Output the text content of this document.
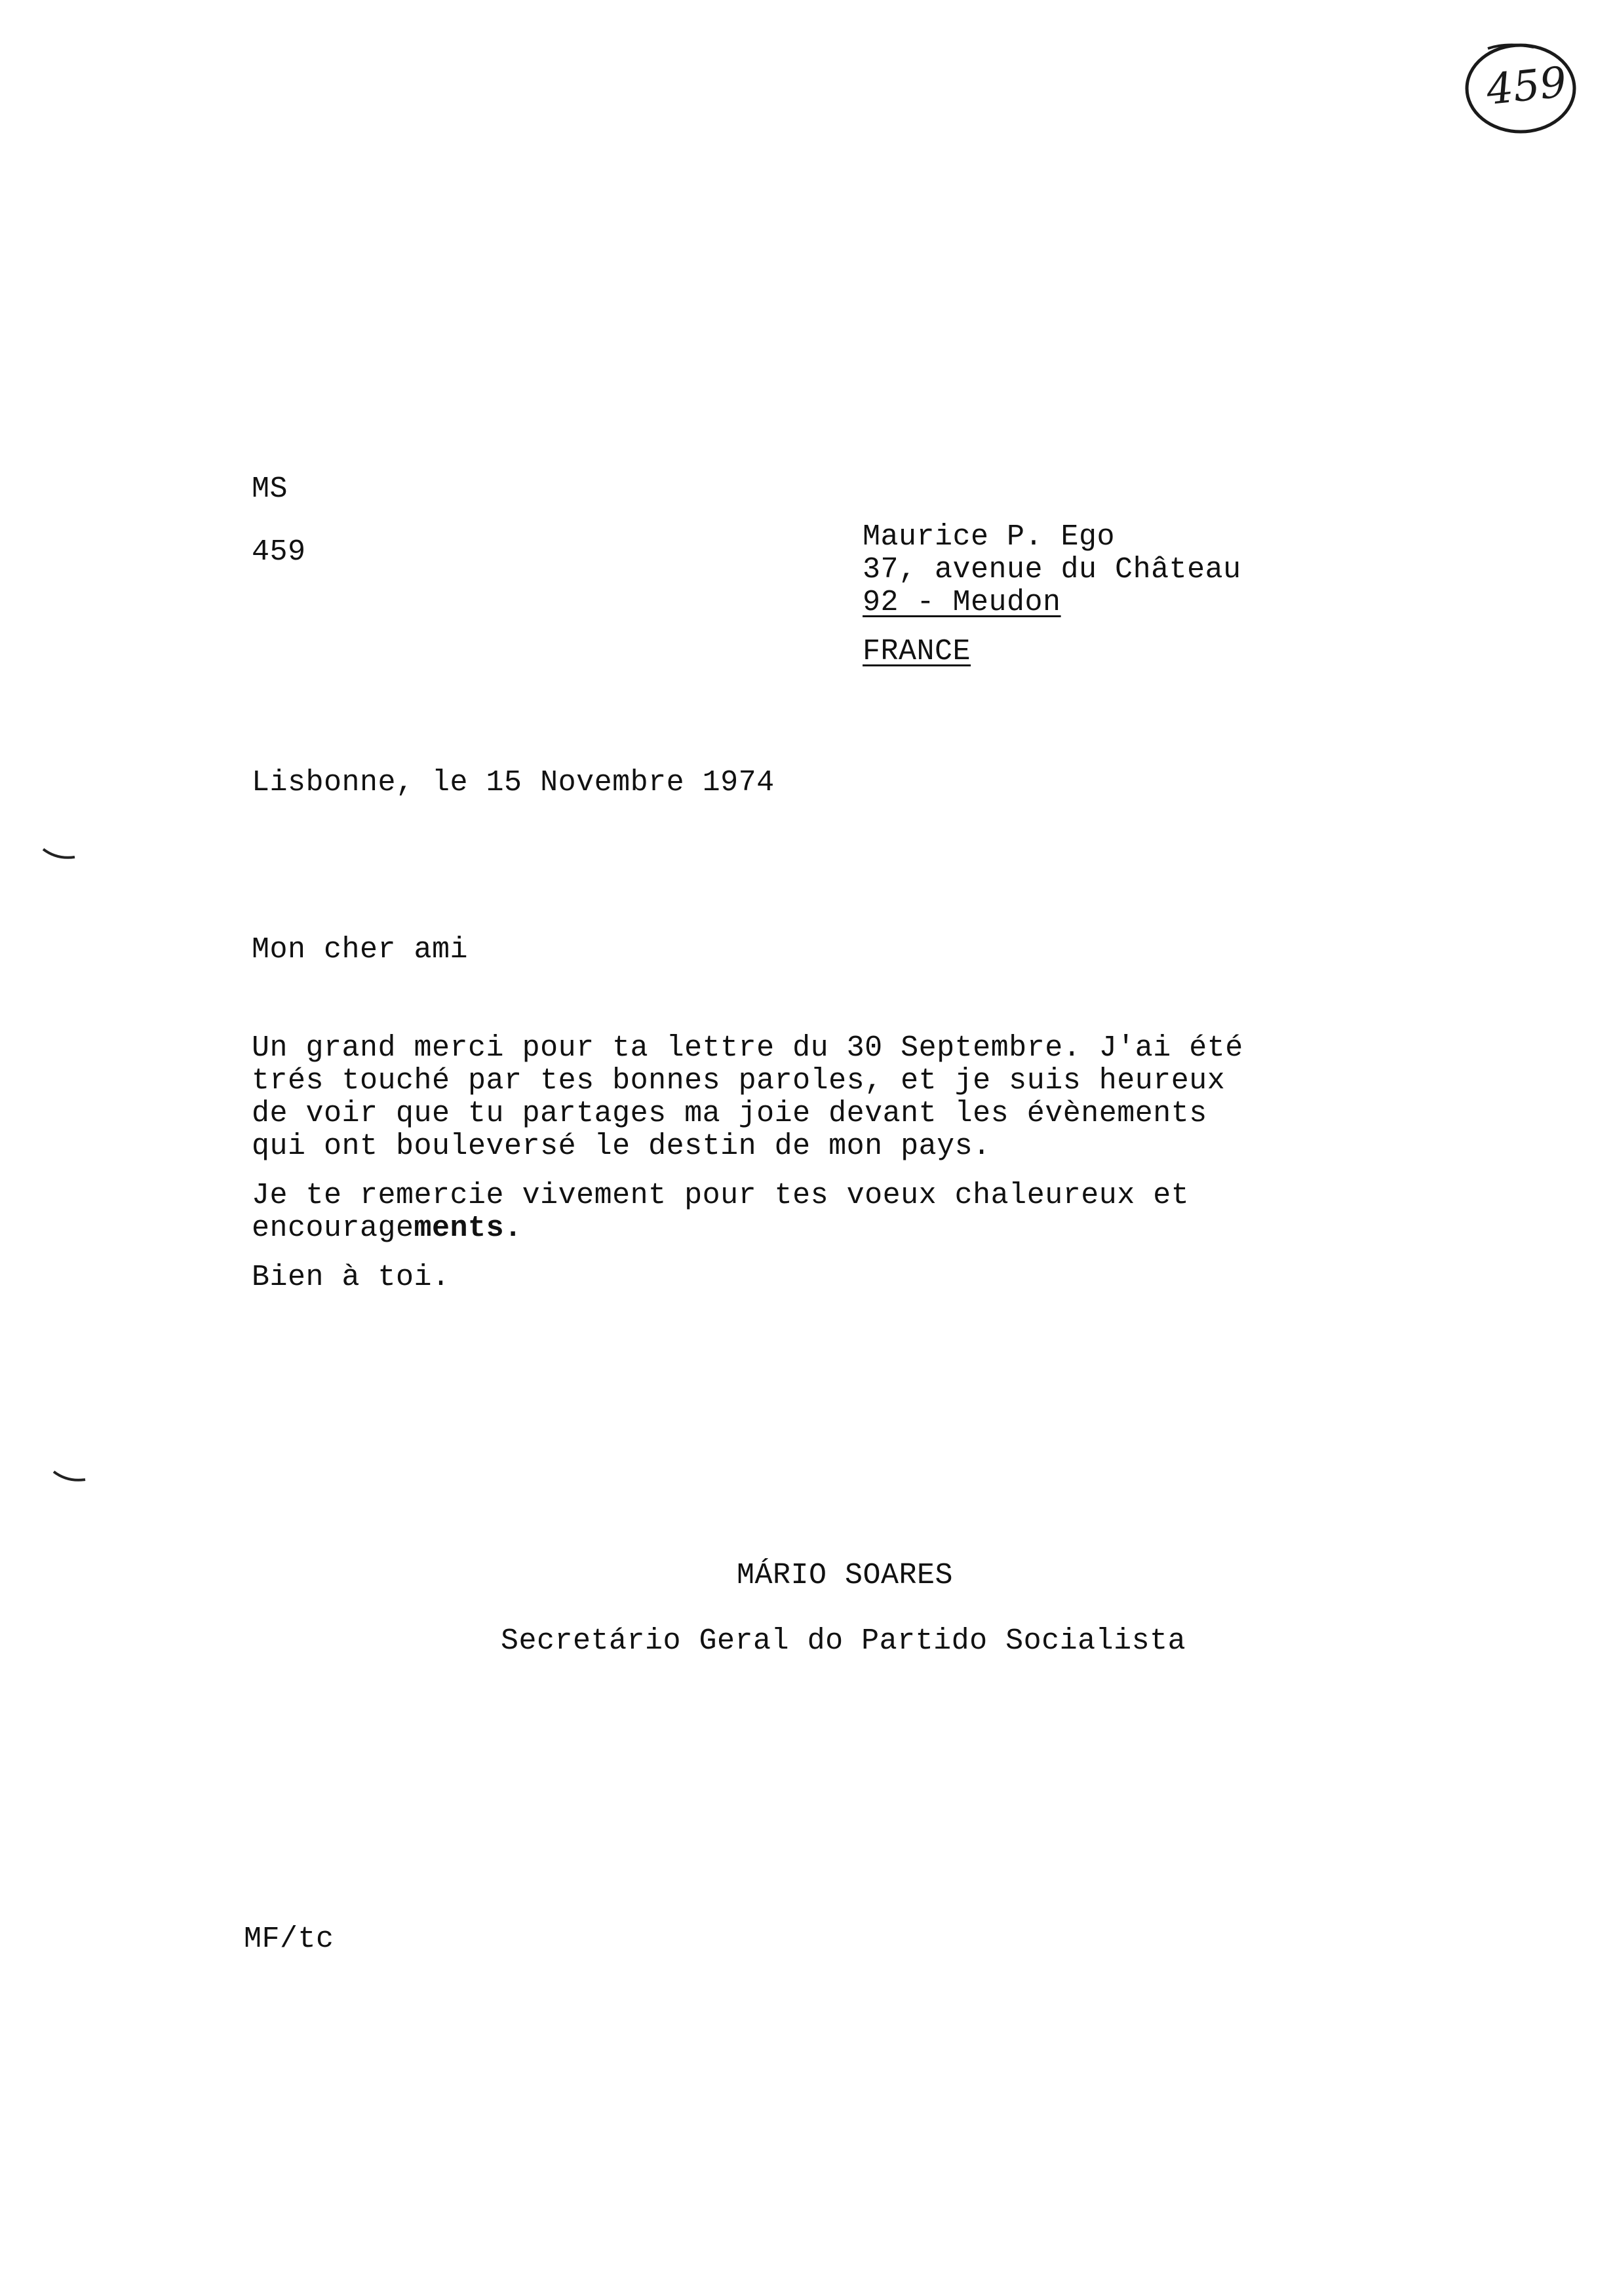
459
MS
459	Maurice P. Ego
37, avenue du Château
92 - Meudon
FRANCE
Lisbonne, le 15 Novembre 1974
Mon cher ami
Un grand merci pour ta lettre du 30 Septembre. J'ai été
trés touché par tes bonnes paroles, et je suis heureux
de voir que tu partages ma joie devant les évènements
qui ont bouleversé le destin de mon pays.
Je te remercie vivement pour tes voeux chaleureux et
encouragements.
Bien à toi.
MÁRIO SOARES
Secretário Geral do Partido Socialista
MF/tc
